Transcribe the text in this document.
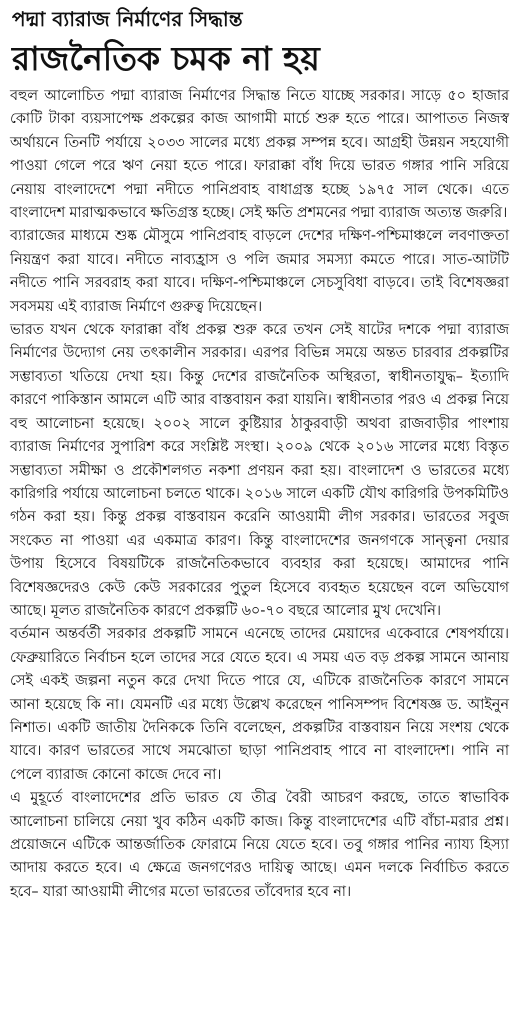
পদ্মা ব্যারাজ নির্মাণের সিদ্ধান্ত
রাজনৈতিক চমক না হয়

বহুল আলোচিত পদ্মা ব্যারাজ নির্মাণের সিদ্ধান্ত নিতে যাচ্ছে সরকার। সাড়ে ৫০ হাজার কোটি টাকা ব্যয়সাপেক্ষ প্রকল্পের কাজ আগামী মার্চে শুরু হতে পারে। আপাতত নিজস্ব অর্থায়নে তিনটি পর্যায়ে ২০৩৩ সালের মধ্যে প্রকল্প সম্পন্ন হবে। আগ্রহী উন্নয়ন সহযোগী পাওয়া গেলে পরে ঋণ নেয়া হতে পারে। ফারাক্কা বাঁধ দিয়ে ভারত গঙ্গার পানি সরিয়ে নেয়ায় বাংলাদেশে পদ্মা নদীতে পানিপ্রবাহ বাধাগ্রস্ত হচ্ছে ১৯৭৫ সাল থেকে। এতে বাংলাদেশ মারাত্মকভাবে ক্ষতিগ্রস্ত হচ্ছে। সেই ক্ষতি প্রশমনের পদ্মা ব্যারাজ অত্যন্ত জরুরি।

ব্যারাজের মাধ্যমে শুষ্ক মৌসুমে পানিপ্রবাহ বাড়লে দেশের দক্ষিণ-পশ্চিমাঞ্চলে লবণাক্ততা নিয়ন্ত্রণ করা যাবে। নদীতে নাব্যহ্রাস ও পলি জমার সমস্যা কমতে পারে। সাত-আটটি নদীতে পানি সরবরাহ করা যাবে। দক্ষিণ-পশ্চিমাঞ্চলে সেচসুবিধা বাড়বে। তাই বিশেষজ্ঞরা সবসময় এই ব্যারাজ নির্মাণে গুরুত্ব দিয়েছেন।

ভারত যখন থেকে ফারাক্কা বাঁধ প্রকল্প শুরু করে তখন সেই ষাটের দশকে পদ্মা ব্যারাজ নির্মাণের উদ্যোগ নেয় তৎকালীন সরকার। এরপর বিভিন্ন সময়ে অন্তত চারবার প্রকল্পটির সম্ভাব্যতা খতিয়ে দেখা হয়। কিন্তু দেশের রাজনৈতিক অস্থিরতা, স্বাধীনতাযুদ্ধ– ইত্যাদি কারণে পাকিস্তান আমলে এটি আর বাস্তবায়ন করা যায়নি। স্বাধীনতার পরও এ প্রকল্প নিয়ে বহু আলোচনা হয়েছে। ২০০২ সালে কুষ্টিয়ার ঠাকুরবাড়ী অথবা রাজবাড়ীর পাংশায় ব্যারাজ নির্মাণের সুপারিশ করে সংশ্লিষ্ট সংস্থা। ২০০৯ থেকে ২০১৬ সালের মধ্যে বিস্তৃত সম্ভাব্যতা সমীক্ষা ও প্রকৌশলগত নকশা প্রণয়ন করা হয়। বাংলাদেশ ও ভারতের মধ্যে কারিগরি পর্যায়ে আলোচনা চলতে থাকে। ২০১৬ সালে একটি যৌথ কারিগরি উপকমিটিও গঠন করা হয়। কিন্তু প্রকল্প বাস্তবায়ন করেনি আওয়ামী লীগ সরকার। ভারতের সবুজ সংকেত না পাওয়া এর একমাত্র কারণ। কিন্তু বাংলাদেশের জনগণকে সান্ত্বনা দেয়ার উপায় হিসেবে বিষয়টিকে রাজনৈতিকভাবে ব্যবহার করা হয়েছে। আমাদের পানি বিশেষজ্ঞদেরও কেউ কেউ সরকারের পুতুল হিসেবে ব্যবহৃত হয়েছেন বলে অভিযোগ আছে। মূলত রাজনৈতিক কারণে প্রকল্পটি ৬০-৭০ বছরে আলোর মুখ দেখেনি।

বর্তমান অন্তর্বর্তী সরকার প্রকল্পটি সামনে এনেছে তাদের মেয়াদের একেবারে শেষপর্যায়ে। ফেব্রুয়ারিতে নির্বাচন হলে তাদের সরে যেতে হবে। এ সময় এত বড় প্রকল্প সামনে আনায় সেই একই জল্পনা নতুন করে দেখা দিতে পারে যে, এটিকে রাজনৈতিক কারণে সামনে আনা হয়েছে কি না। যেমনটি এর মধ্যে উল্লেখ করেছেন পানিসম্পদ বিশেষজ্ঞ ড. আইনুন নিশাত। একটি জাতীয় দৈনিককে তিনি বলেছেন, প্রকল্পটির বাস্তবায়ন নিয়ে সংশয় থেকে যাবে। কারণ ভারতের সাথে সমঝোতা ছাড়া পানিপ্রবাহ পাবে না বাংলাদেশ। পানি না পেলে ব্যারাজ কোনো কাজে দেবে না।

এ মুহূর্তে বাংলাদেশের প্রতি ভারত যে তীব্র বৈরী আচরণ করছে, তাতে স্বাভাবিক আলোচনা চালিয়ে নেয়া খুব কঠিন একটি কাজ। কিন্তু বাংলাদেশের এটি বাঁচা-মরার প্রশ্ন। প্রয়োজনে এটিকে আন্তর্জাতিক ফোরামে নিয়ে যেতে হবে। তবু গঙ্গার পানির ন্যায্য হিস্যা আদায় করতে হবে। এ ক্ষেত্রে জনগণেরও দায়িত্ব আছে। এমন দলকে নির্বাচিত করতে হবে– যারা আওয়ামী লীগের মতো ভারতের তাঁবেদার হবে না।
